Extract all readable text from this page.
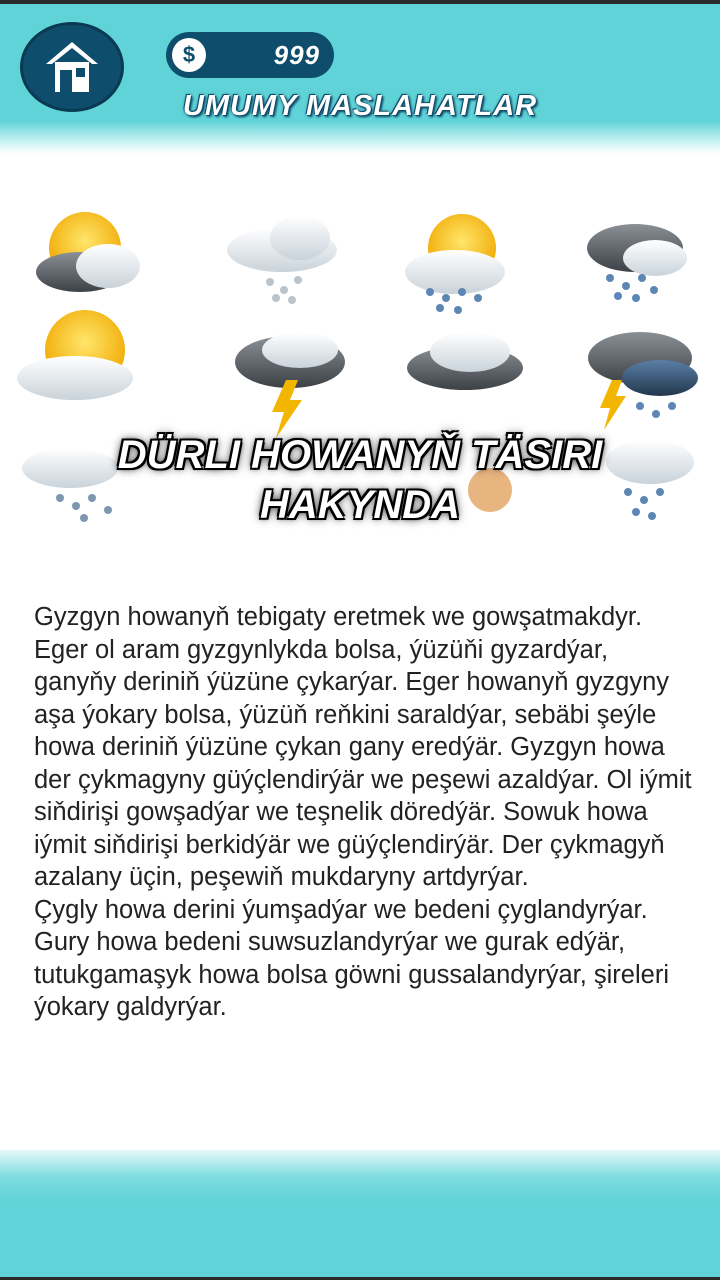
$	999
UMUMY MASLAHATLAR
DÜRLI HOWANYŇ TÄSIRI
HAKYNDA
Gyzgyn howanyň tebigaty eretmek we gowşatmakdyr. Eger ol aram gyzgynlykda bolsa, ýüzüňi gyzardýar, ganyňy deriniň ýüzüne çykarýar. Eger howanyň gyzgyny aşa ýokary bolsa, ýüzüň reňkini saraldýar, sebäbi şeýle howa deriniň ýüzüne çykan gany eredýär. Gyzgyn howa der çykmagyny güýçlendirýär we peşewi azaldýar. Ol iýmit siňdirişi gowşadýar we teşnelik döredýär. Sowuk howa iýmit siňdirişi berkidýär we güýçlendirýär. Der çykmagyň azalany üçin, peşewiň mukdaryny artdyrýar.
Çygly howa derini ýumşadýar we bedeni çyglandyrýar. Gury howa bedeni suwsuzlandyrýar we gurak edýär, tutukgamaşyk howa bolsa göwni gussalandyrýar, şireleri ýokary galdyrýar.
